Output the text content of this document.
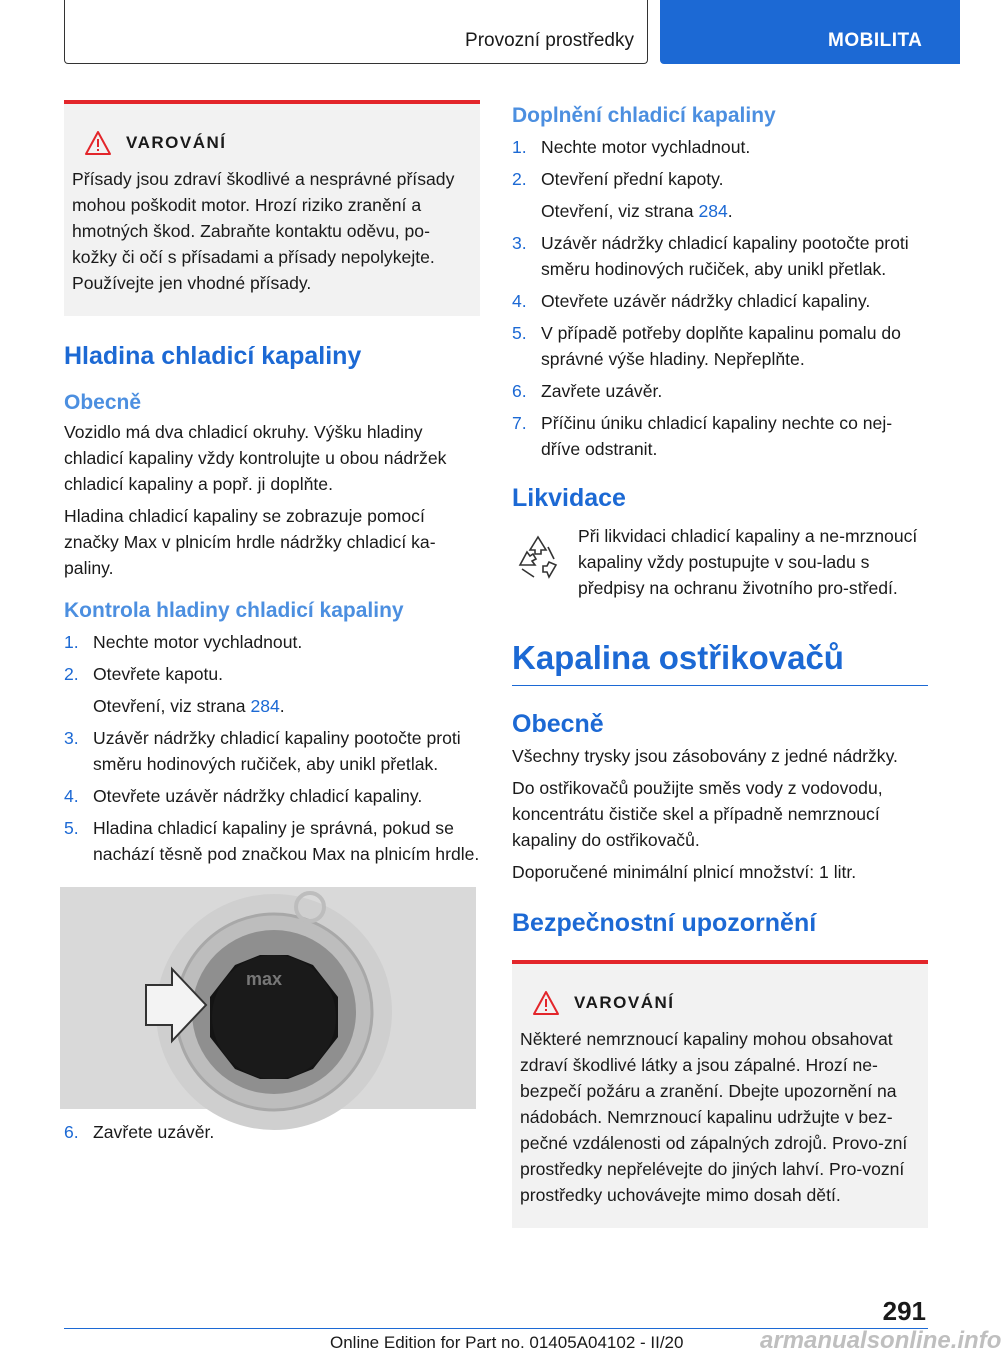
Provozní prostředky	MOBILITA
VAROVÁNÍ
Přísady jsou zdraví škodlivé a nesprávné přísady mohou poškodit motor. Hrozí riziko zranění a hmotných škod. Zabraňte kontaktu oděvu, po-kožky či očí s přísadami a přísady nepolykejte. Používejte jen vhodné přísady.
Hladina chladicí kapaliny
Obecně

Vozidlo má dva chladicí okruhy. Výšku hladiny chladicí kapaliny vždy kontrolujte u obou nádržek chladicí kapaliny a popř. ji doplňte.

Hladina chladicí kapaliny se zobrazuje pomocí značky Max v plnicím hrdle nádržky chladicí ka-paliny.

Kontrola hladiny chladicí kapaliny
1. Nechte motor vychladnout.
2. Otevřete kapotu.
Otevření, viz strana 284.
3. Uzávěr nádržky chladicí kapaliny pootočte proti směru hodinových ručiček, aby unikl přetlak.
4. Otevřete uzávěr nádržky chladicí kapaliny.
5. Hladina chladicí kapaliny je správná, pokud se nachází těsně pod značkou Max na plnicím hrdle.
max
6. Zavřete uzávěr.
Doplnění chladicí kapaliny
1. Nechte motor vychladnout.
2. Otevření přední kapoty.
Otevření, viz strana 284.
3. Uzávěr nádržky chladicí kapaliny pootočte proti směru hodinových ručiček, aby unikl přetlak.
4. Otevřete uzávěr nádržky chladicí kapaliny.
5. V případě potřeby doplňte kapalinu pomalu do správné výše hladiny. Nepřeplňte.
6. Zavřete uzávěr.
7. Příčinu úniku chladicí kapaliny nechte co nej-dříve odstranit.
Likvidace

Při likvidaci chladicí kapaliny a ne-mrznoucí kapaliny vždy postupujte v sou-ladu s předpisy na ochranu životního pro-středí.

Kapalina ostřikovačů
Obecně

Všechny trysky jsou zásobovány z jedné nádržky.

Do ostřikovačů použijte směs vody z vodovodu, koncentrátu čističe skel a případně nemrznoucí kapaliny do ostřikovačů.

Doporučené minimální plnicí množství: 1 litr.

Bezpečnostní upozornění
VAROVÁNÍ
Některé nemrznoucí kapaliny mohou obsahovat zdraví škodlivé látky a jsou zápalné. Hrozí ne-bezpečí požáru a zranění. Dbejte upozornění na nádobách. Nemrznoucí kapalinu udržujte v bez-pečné vzdálenosti od zápalných zdrojů. Provo-zní prostředky nepřelévejte do jiných lahví. Pro-vozní prostředky uchovávejte mimo dosah dětí.
291
Online Edition for Part no. 01405A04102 - II/20	armanualsonline.info
